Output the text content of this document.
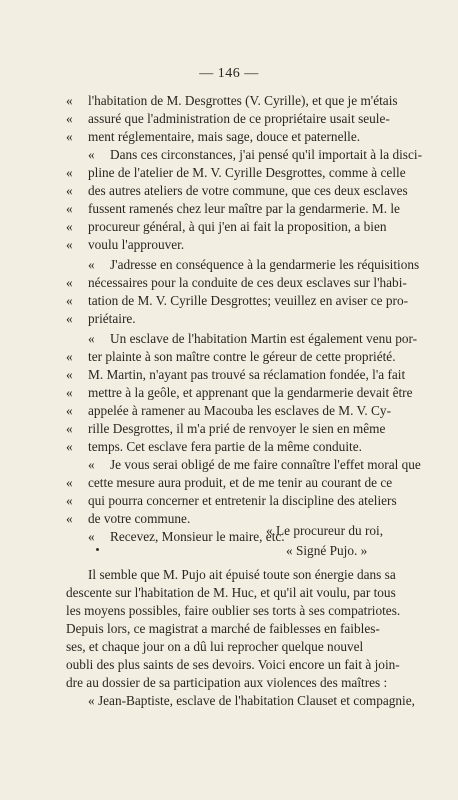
— 146 —
« l'habitation de M. Desgrottes (V. Cyrille), et que je m'étais
« assuré que l'administration de ce propriétaire usait seule-
« ment réglementaire, mais sage, douce et paternelle.
« Dans ces circonstances, j'ai pensé qu'il importait à la disci-
« pline de l'atelier de M. V. Cyrille Desgrottes, comme à celle
« des autres ateliers de votre commune, que ces deux esclaves
« fussent ramenés chez leur maître par la gendarmerie. M. le
« procureur général, à qui j'en ai fait la proposition, a bien
« voulu l'approuver.
« J'adresse en conséquence à la gendarmerie les réquisitions
« nécessaires pour la conduite de ces deux esclaves sur l'habi-
« tation de M. V. Cyrille Desgrottes; veuillez en aviser ce pro-
« priétaire.
« Un esclave de l'habitation Martin est également venu por-
« ter plainte à son maître contre le géreur de cette propriété.
« M. Martin, n'ayant pas trouvé sa réclamation fondée, l'a fait
« mettre à la geôle, et apprenant que la gendarmerie devait être
« appelée à ramener au Macouba les esclaves de M. V. Cy-
« rille Desgrottes, il m'a prié de renvoyer le sien en même
« temps. Cet esclave fera partie de la même conduite.
« Je vous serai obligé de me faire connaître l'effet moral que
« cette mesure aura produit, et de me tenir au courant de ce
« qui pourra concerner et entretenir la discipline des ateliers
« de votre commune.
« Recevez, Monsieur le maire, etc.
« Le procureur du roi,
« Signé Pujo. »
Il semble que M. Pujo ait épuisé toute son énergie dans sa
descente sur l'habitation de M. Huc, et qu'il ait voulu, par tous
les moyens possibles, faire oublier ses torts à ses compatriotes.
Depuis lors, ce magistrat a marché de faiblesses en faibles-
ses, et chaque jour on a dû lui reprocher quelque nouvel
oubli des plus saints de ses devoirs. Voici encore un fait à join-
dre au dossier de sa participation aux violences des maîtres :
« Jean-Baptiste, esclave de l'habitation Clauset et compagnie,
